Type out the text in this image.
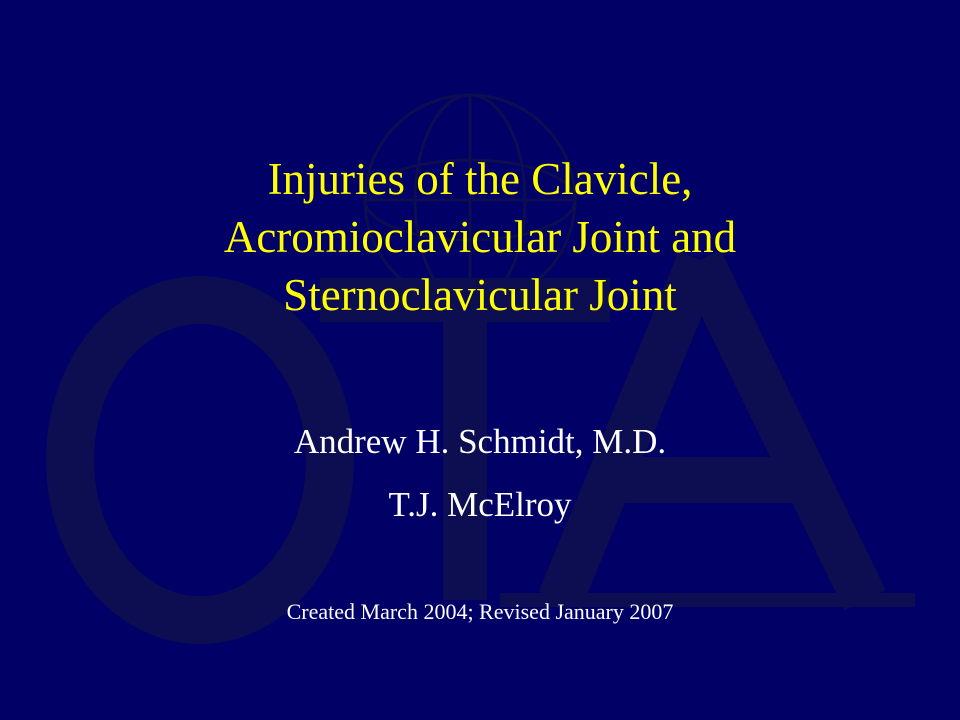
Injuries of the Clavicle,
Acromioclavicular Joint and
Sternoclavicular Joint

Andrew H. Schmidt, M.D.

T.J. McElroy

Created March 2004; Revised January 2007
